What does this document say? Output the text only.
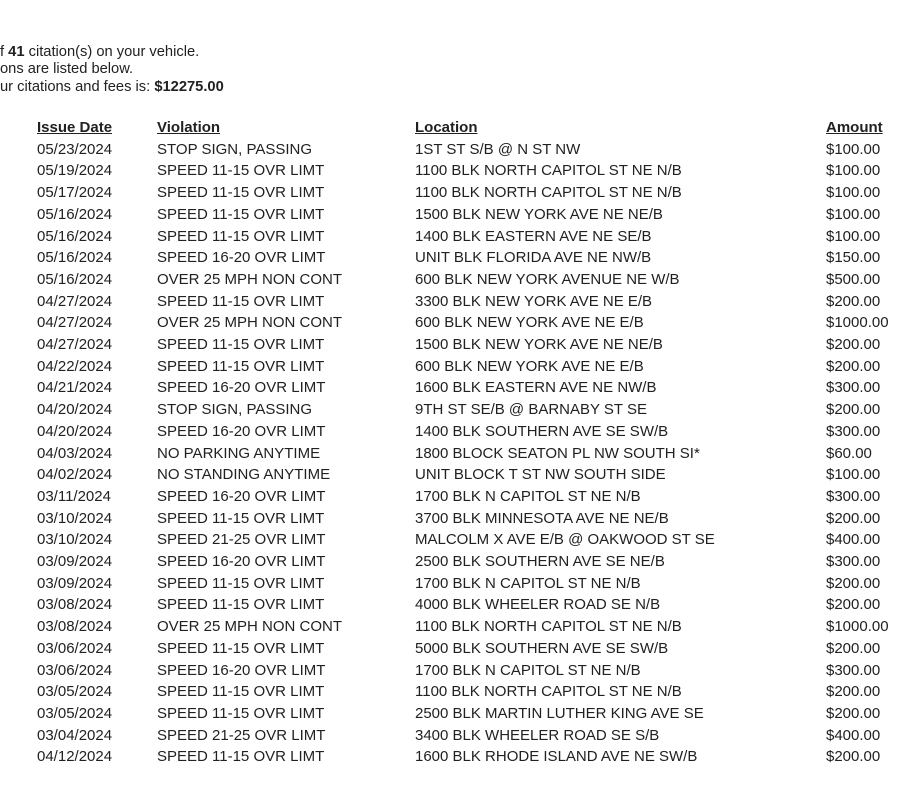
f 41 citation(s) on your vehicle.
ons are listed below.
ur citations and fees is: $12275.00
Issue Date	Violation	Location	Amount
05/23/2024	STOP SIGN, PASSING	1ST ST S/B @ N ST NW	$100.00
05/19/2024	SPEED 11-15 OVR LIMT	1100 BLK NORTH CAPITOL ST NE N/B	$100.00
05/17/2024	SPEED 11-15 OVR LIMT	1100 BLK NORTH CAPITOL ST NE N/B	$100.00
05/16/2024	SPEED 11-15 OVR LIMT	1500 BLK NEW YORK AVE NE NE/B	$100.00
05/16/2024	SPEED 11-15 OVR LIMT	1400 BLK EASTERN AVE NE SE/B	$100.00
05/16/2024	SPEED 16-20 OVR LIMT	UNIT BLK FLORIDA AVE NE NW/B	$150.00
05/16/2024	OVER 25 MPH NON CONT	600 BLK NEW YORK AVENUE NE W/B	$500.00
04/27/2024	SPEED 11-15 OVR LIMT	3300 BLK NEW YORK AVE NE E/B	$200.00
04/27/2024	OVER 25 MPH NON CONT	600 BLK NEW YORK AVE NE E/B	$1000.00
04/27/2024	SPEED 11-15 OVR LIMT	1500 BLK NEW YORK AVE NE NE/B	$200.00
04/22/2024	SPEED 11-15 OVR LIMT	600 BLK NEW YORK AVE NE E/B	$200.00
04/21/2024	SPEED 16-20 OVR LIMT	1600 BLK EASTERN AVE NE NW/B	$300.00
04/20/2024	STOP SIGN, PASSING	9TH ST SE/B @ BARNABY ST SE	$200.00
04/20/2024	SPEED 16-20 OVR LIMT	1400 BLK SOUTHERN AVE SE SW/B	$300.00
04/03/2024	NO PARKING ANYTIME	1800 BLOCK SEATON PL NW SOUTH SI*	$60.00
04/02/2024	NO STANDING ANYTIME	UNIT BLOCK T ST NW SOUTH SIDE	$100.00
03/11/2024	SPEED 16-20 OVR LIMT	1700 BLK N CAPITOL ST NE N/B	$300.00
03/10/2024	SPEED 11-15 OVR LIMT	3700 BLK MINNESOTA AVE NE NE/B	$200.00
03/10/2024	SPEED 21-25 OVR LIMT	MALCOLM X AVE E/B @ OAKWOOD ST SE	$400.00
03/09/2024	SPEED 16-20 OVR LIMT	2500 BLK SOUTHERN AVE SE NE/B	$300.00
03/09/2024	SPEED 11-15 OVR LIMT	1700 BLK N CAPITOL ST NE N/B	$200.00
03/08/2024	SPEED 11-15 OVR LIMT	4000 BLK WHEELER ROAD SE N/B	$200.00
03/08/2024	OVER 25 MPH NON CONT	1100 BLK NORTH CAPITOL ST NE N/B	$1000.00
03/06/2024	SPEED 11-15 OVR LIMT	5000 BLK SOUTHERN AVE SE SW/B	$200.00
03/06/2024	SPEED 16-20 OVR LIMT	1700 BLK N CAPITOL ST NE N/B	$300.00
03/05/2024	SPEED 11-15 OVR LIMT	1100 BLK NORTH CAPITOL ST NE N/B	$200.00
03/05/2024	SPEED 11-15 OVR LIMT	2500 BLK MARTIN LUTHER KING AVE SE	$200.00
03/04/2024	SPEED 21-25 OVR LIMT	3400 BLK WHEELER ROAD SE S/B	$400.00
04/12/2024	SPEED 11-15 OVR LIMT	1600 BLK RHODE ISLAND AVE NE SW/B	$200.00
